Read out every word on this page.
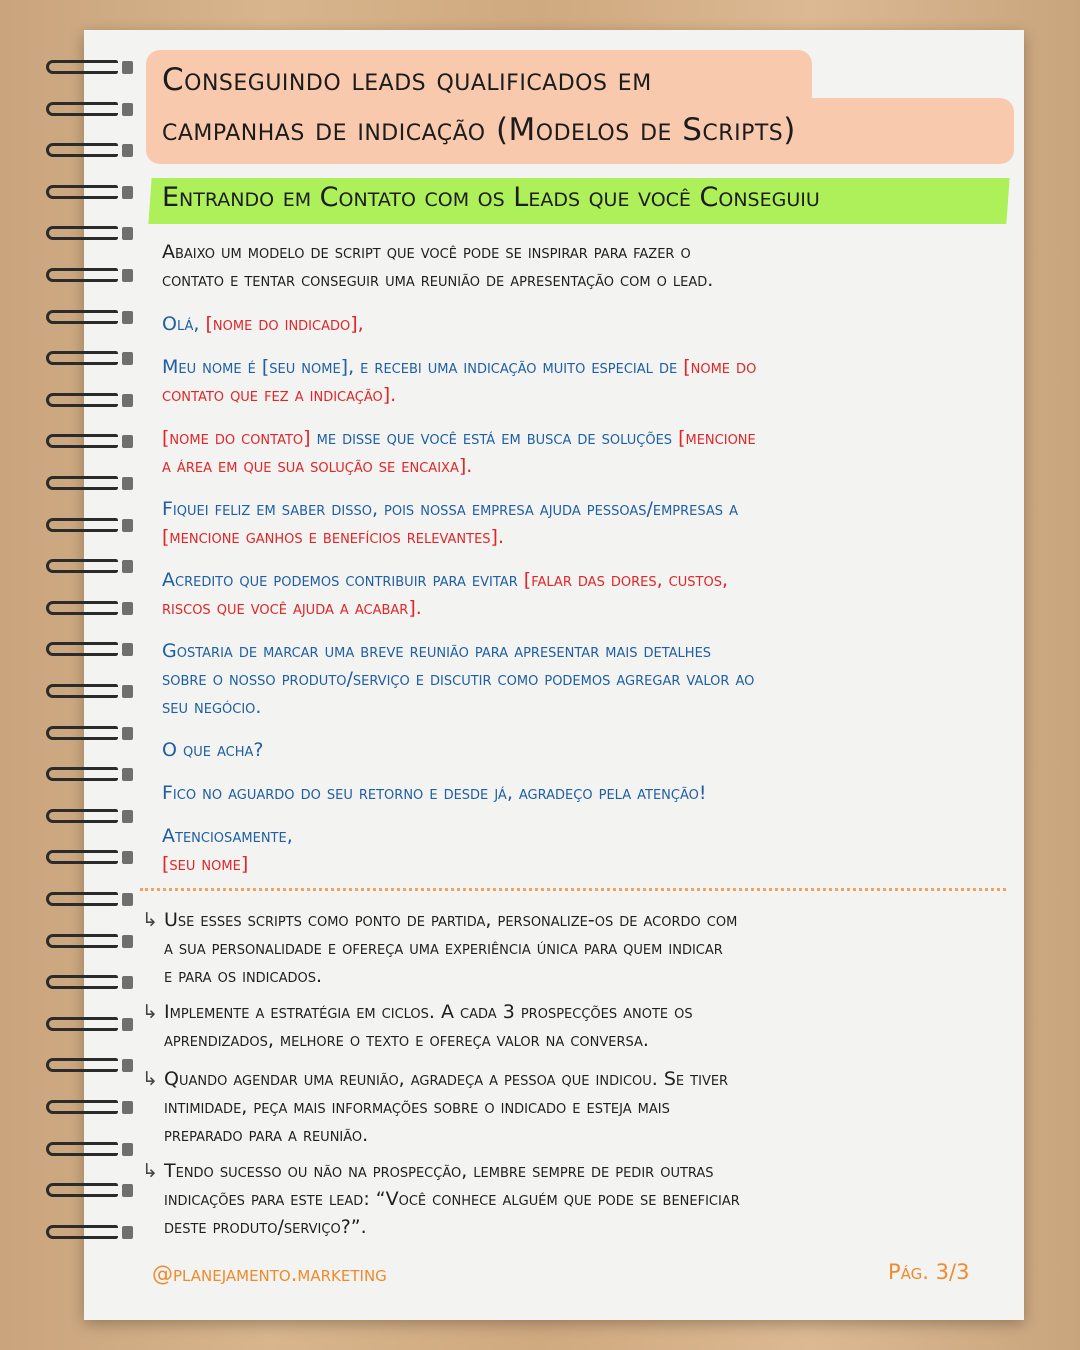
Conseguindo leads qualificados em
campanhas de indicação (Modelos de Scripts)
Entrando em Contato com os Leads que você Conseguiu
Abaixo um modelo de script que você pode se inspirar para fazer o
contato e tentar conseguir uma reunião de apresentação com o lead.
Olá, [nome do indicado],
Meu nome é [seu nome], e recebi uma indicação muito especial de [nome do
contato que fez a indicação].
[nome do contato] me disse que você está em busca de soluções [mencione
a área em que sua solução se encaixa].
Fiquei feliz em saber disso, pois nossa empresa ajuda pessoas/empresas a
[mencione ganhos e benefícios relevantes].
Acredito que podemos contribuir para evitar [falar das dores, custos,
riscos que você ajuda a acabar].
Gostaria de marcar uma breve reunião para apresentar mais detalhes
sobre o nosso produto/serviço e discutir como podemos agregar valor ao
seu negócio.
O que acha?
Fico no aguardo do seu retorno e desde já, agradeço pela atenção!
Atenciosamente,
[seu nome]
↳ Use esses scripts como ponto de partida, personalize-os de acordo com
a sua personalidade e ofereça uma experiência única para quem indicar
e para os indicados.
↳ Implemente a estratégia em ciclos. A cada 3 prospecções anote os
aprendizados, melhore o texto e ofereça valor na conversa.
↳ Quando agendar uma reunião, agradeça a pessoa que indicou. Se tiver
intimidade, peça mais informações sobre o indicado e esteja mais
preparado para a reunião.
↳ Tendo sucesso ou não na prospecção, lembre sempre de pedir outras
indicações para este lead: “Você conhece alguém que pode se beneficiar
deste produto/serviço?”.
@planejamento.marketing	Pág. 3/3
